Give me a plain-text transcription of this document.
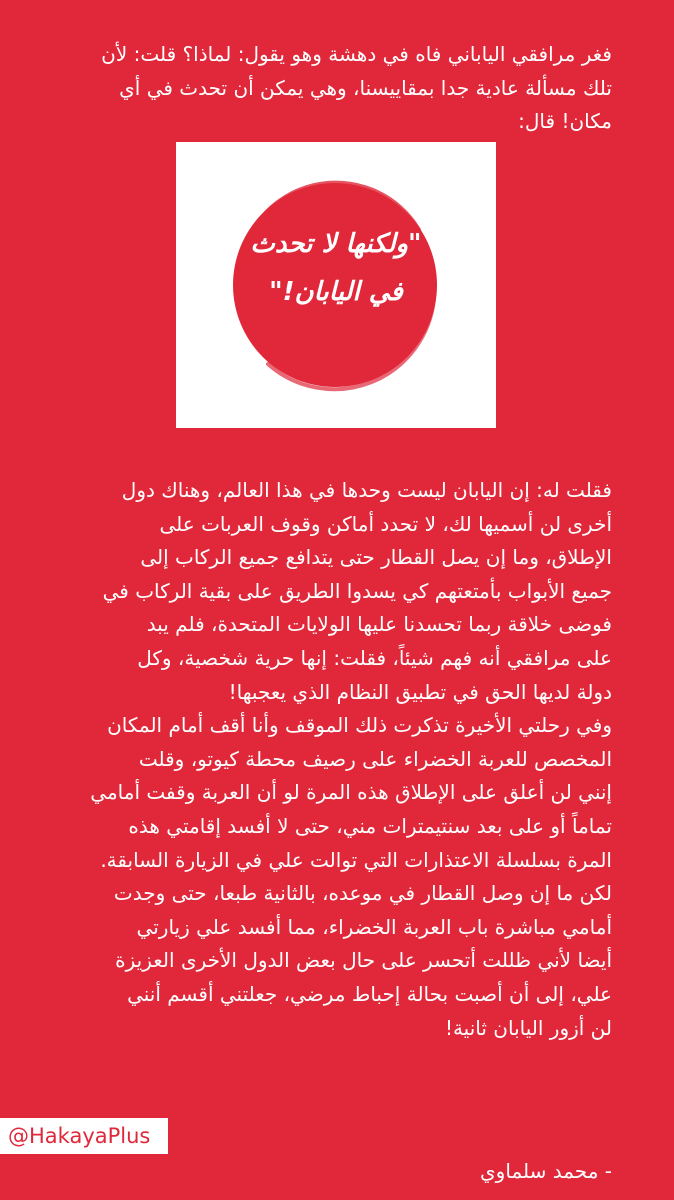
فغر مرافقي الياباني فاه في دهشة وهو يقول: لماذا؟ قلت: لأن
تلك مسألة عادية جدا بمقاييسنا، وهي يمكن أن تحدث في أي
مكان! قال:
"ولكنها لا تحدث
في اليابان!"
فقلت له: إن اليابان ليست وحدها في هذا العالم، وهناك دول
أخرى لن أسميها لك، لا تحدد أماكن وقوف العربات على
الإطلاق، وما إن يصل القطار حتى يتدافع جميع الركاب إلى
جميع الأبواب بأمتعتهم كي يسدوا الطريق على بقية الركاب في
فوضى خلاقة ربما تحسدنا عليها الولايات المتحدة، فلم يبد
على مرافقي أنه فهم شيئاً، فقلت: إنها حرية شخصية، وكل
دولة لديها الحق في تطبيق النظام الذي يعجبها!
وفي رحلتي الأخيرة تذكرت ذلك الموقف وأنا أقف أمام المكان
المخصص للعربة الخضراء على رصيف محطة كيوتو، وقلت
إنني لن أعلق على الإطلاق هذه المرة لو أن العربة وقفت أمامي
تماماً أو على بعد سنتيمترات مني، حتى لا أفسد إقامتي هذه
المرة بسلسلة الاعتذارات التي توالت علي في الزيارة السابقة.
لكن ما إن وصل القطار في موعده، بالثانية طبعا، حتى وجدت
أمامي مباشرة باب العربة الخضراء، مما أفسد علي زيارتي
أيضا لأني ظللت أتحسر على حال بعض الدول الأخرى العزيزة
علي، إلى أن أصبت بحالة إحباط مرضي، جعلتني أقسم أنني
لن أزور اليابان ثانية!
@HakayaPlus
- محمد سلماوي
